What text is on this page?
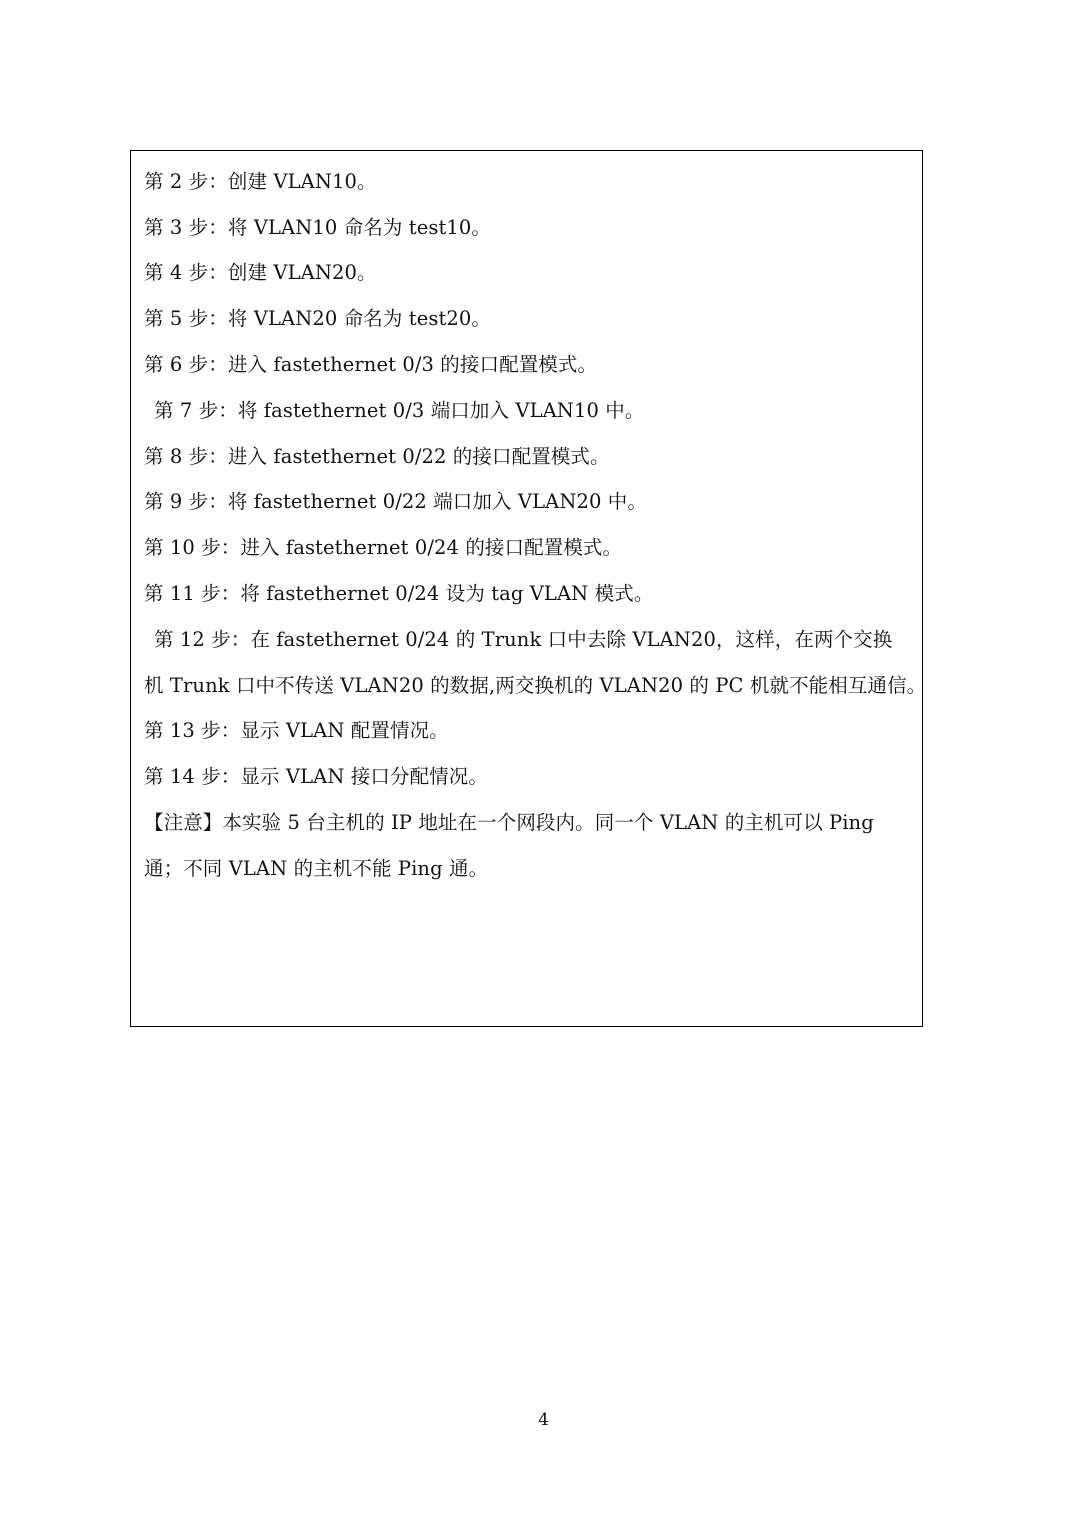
第 2 步：创建 VLAN10。
第 3 步：将 VLAN10 命名为 test10。
第 4 步：创建 VLAN20。
第 5 步：将 VLAN20 命名为 test20。
第 6 步：进入 fastethernet 0/3 的接口配置模式。
第 7 步：将 fastethernet 0/3 端口加入 VLAN10 中。
第 8 步：进入 fastethernet 0/22 的接口配置模式。
第 9 步：将 fastethernet 0/22 端口加入 VLAN20 中。
第 10 步：进入 fastethernet 0/24 的接口配置模式。
第 11 步：将 fastethernet 0/24 设为 tag VLAN 模式。
第 12 步：在 fastethernet 0/24 的 Trunk 口中去除 VLAN20，这样，在两个交换
机 Trunk 口中不传送 VLAN20 的数据,两交换机的 VLAN20 的 PC 机就不能相互通信。
第 13 步：显示 VLAN 配置情况。
第 14 步：显示 VLAN 接口分配情况。
【注意】本实验 5 台主机的 IP 地址在一个网段内。同一个 VLAN 的主机可以 Ping
通；不同 VLAN 的主机不能 Ping 通。
4
